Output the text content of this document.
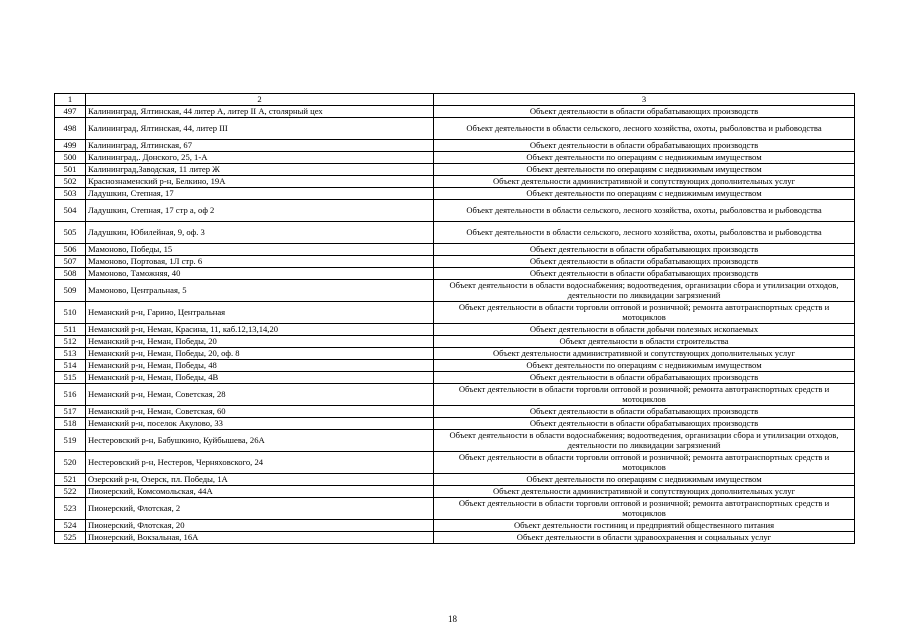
1	2	3
497	Калининград, Ялтинская, 44 литер А, литер II А, столярный цех	Объект деятельности в области обрабатывающих производств
498	Калининград, Ялтинская, 44, литер III	Объект деятельности в области сельского, лесного хозяйства, охоты, рыболовства и рыбоводства
499	Калининград, Ялтинская, 67	Объект деятельности в области обрабатывающих производств
500	Калининград,. Донского, 25, 1-А	Объект деятельности по операциям с недвижимым имуществом
501	Калининград,Заводская, 11 литер Ж	Объект деятельности по операциям с недвижимым имуществом
502	Краснознаменский р-н, Белкино, 19А	Объект деятельности административной и сопутствующих дополнительных услуг
503	Ладушкин, Степная, 17	Объект деятельности по операциям с недвижимым имуществом
504	Ладушкин, Степная, 17 стр а, оф 2	Объект деятельности в области сельского, лесного хозяйства, охоты, рыболовства и рыбоводства
505	Ладушкин, Юбилейная, 9, оф. 3	Объект деятельности в области сельского, лесного хозяйства, охоты, рыболовства и рыбоводства
506	Мамоново, Победы, 15	Объект деятельности в области обрабатывающих производств
507	Мамоново, Портовая, 1Л стр. 6	Объект деятельности в области обрабатывающих производств
508	Мамоново, Таможняя, 40	Объект деятельности в области обрабатывающих производств
509	Мамоново, Центральная, 5	Объект деятельности в области водоснабжения; водоотведения, организации сбора и утилизации отходов, деятельности по ликвидации загрязнений
510	Неманский р-н, Гарино, Центральная	Объект деятельности в области торговли оптовой и розничной; ремонта автотранспортных средств и мотоциклов
511	Неманский р-н, Неман, Красина, 11, каб.12,13,14,20	Объект деятельности в области добычи полезных ископаемых
512	Неманский р-н, Неман, Победы, 20	Объект деятельности в области строительства
513	Неманский р-н, Неман, Победы, 20, оф. 8	Объект деятельности административной и сопутствующих дополнительных услуг
514	Неманский р-н, Неман, Победы, 48	Объект деятельности по операциям с недвижимым имуществом
515	Неманский р-н, Неман, Победы, 4В	Объект деятельности в области обрабатывающих производств
516	Неманский р-н, Неман, Советская, 28	Объект деятельности в области торговли оптовой и розничной; ремонта автотранспортных средств и мотоциклов
517	Неманский р-н, Неман, Советская, 60	Объект деятельности в области обрабатывающих производств
518	Неманский р-н, поселок Акулово, 33	Объект деятельности в области обрабатывающих производств
519	Нестеровский р-н, Бабушкино, Куйбышева, 26А	Объект деятельности в области водоснабжения; водоотведения, организации сбора и утилизации отходов, деятельности по ликвидации загрязнений
520	Нестеровский р-н, Нестеров, Черняховского, 24	Объект деятельности в области торговли оптовой и розничной; ремонта автотранспортных средств и мотоциклов
521	Озерский р-н, Озерск, пл. Победы, 1А	Объект деятельности по операциям с недвижимым имуществом
522	Пионерский, Комсомольская, 44А	Объект деятельности административной и сопутствующих дополнительных услуг
523	Пионерский, Флотская, 2	Объект деятельности в области торговли оптовой и розничной; ремонта автотранспортных средств и мотоциклов
524	Пионерский, Флотская, 20	Объект деятельности гостиниц и предприятий общественного питания
525	Пионерский, Вокзальная, 16А	Объект деятельности в области здравоохранения и социальных услуг
18
